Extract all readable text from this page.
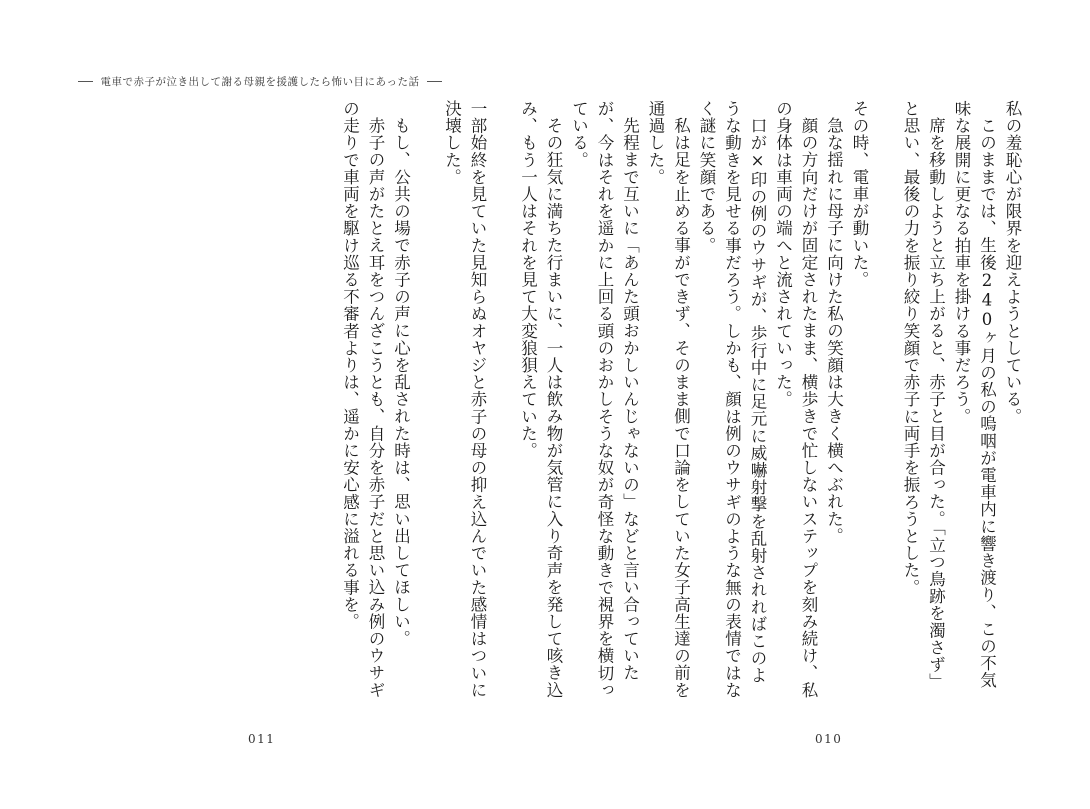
電車で赤子が泣き出して謝る母親を援護したら怖い目にあった話

私の羞恥心が限界を迎えようとしている。

このままでは、生後240ヶ月の私の嗚咽が電車内に響き渡り、この不気味な展開に更なる拍車を掛ける事だろう。

席を移動しようと立ち上がると、赤子と目が合った。「立つ鳥跡を濁さず」と思い、最後の力を振り絞り笑顔で赤子に両手を振ろうとした。

その時、電車が動いた。

急な揺れに母子に向けた私の笑顔は大きく横へぶれた。

顔の方向だけが固定されたまま、横歩きで忙しないステップを刻み続け、私の身体は車両の端へと流されていった。

口が×印の例のウサギが、歩行中に足元に威嚇射撃を乱射されればこのような動きを見せる事だろう。しかも、顔は例のウサギのような無の表情ではなく謎に笑顔である。

私は足を止める事ができず、そのまま側で口論をしていた女子高生達の前を通過した。

先程まで互いに「あんた頭おかしいんじゃないの」などと言い合っていたが、今はそれを遥かに上回る頭のおかしそうな奴が奇怪な動きで視界を横切っている。

その狂気に満ちた行まいに、一人は飲み物が気管に入り奇声を発して咳き込み、もう一人はそれを見て大変狼狽えていた。

一部始終を見ていた見知らぬオヤジと赤子の母の抑え込んでいた感情はついに決壊した。

もし、公共の場で赤子の声に心を乱された時は、思い出してほしい。

赤子の声がたとえ耳をつんざこうとも、自分を赤子だと思い込み例のウサギの走りで車両を駆け巡る不審者よりは、遥かに安心感に溢れる事を。

011	010
